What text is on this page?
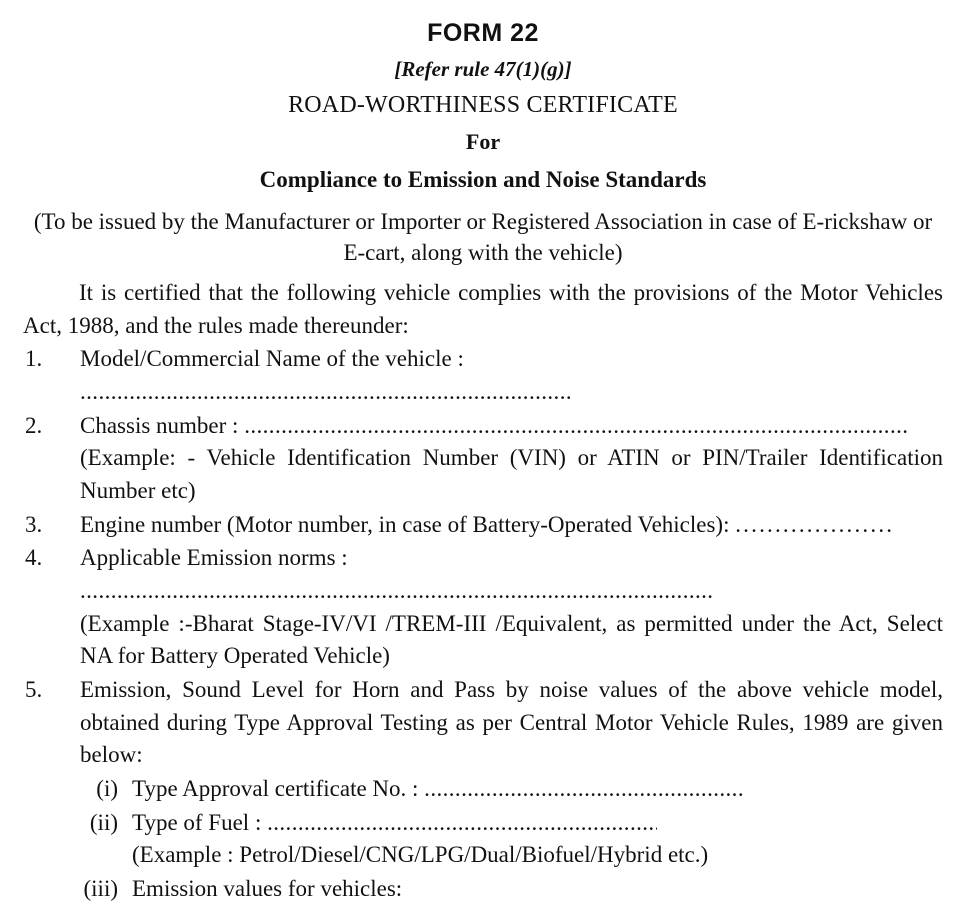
FORM 22
[Refer rule 47(1)(g)]
ROAD-WORTHINESS CERTIFICATE
For
Compliance to Emission and Noise Standards
(To be issued by the Manufacturer or Importer or Registered Association in case of E-rickshaw or E-cart, along with the vehicle)
It is certified that the following vehicle complies with the provisions of the Motor Vehicles Act, 1988, and the rules made thereunder:
1.	Model/Commercial Name of the vehicle : .....
2.	Chassis number : .....
(Example: - Vehicle Identification Number (VIN) or ATIN or PIN/Trailer Identification Number etc)
3.	Engine number (Motor number, in case of Battery-Operated Vehicles): .....
4.	Applicable Emission norms : .....
(Example :-Bharat Stage-IV/VI /TREM-III /Equivalent, as permitted under the Act, Select NA for Battery Operated Vehicle)
5.	Emission, Sound Level for Horn and Pass by noise values of the above vehicle model, obtained during Type Approval Testing as per Central Motor Vehicle Rules, 1989 are given below:
(i) Type Approval certificate No. : .....
(ii) Type of Fuel : .....
(Example : Petrol/Diesel/CNG/LPG/Dual/Biofuel/Hybrid etc.)
(iii) Emission values for vehicles:
